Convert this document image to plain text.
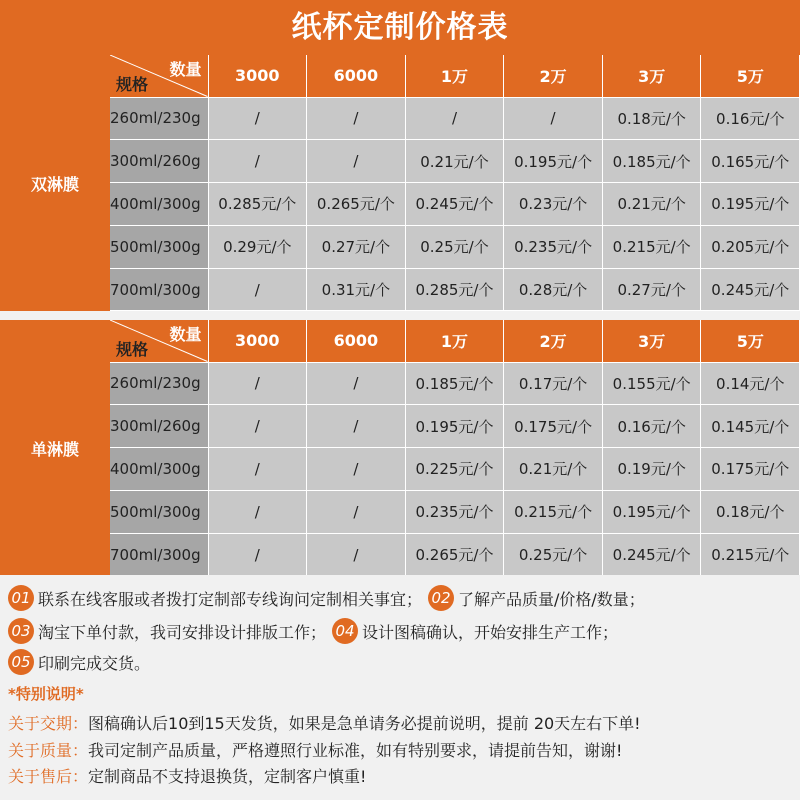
纸杯定制价格表
双淋膜
数量
规格	3000	6000	1万	2万	3万	5万
260ml/230g	/	/	/	/	0.18元/个	0.16元/个
300ml/260g	/	/	0.21元/个	0.195元/个	0.185元/个	0.165元/个
400ml/300g	0.285元/个	0.265元/个	0.245元/个	0.23元/个	0.21元/个	0.195元/个
500ml/300g	0.29元/个	0.27元/个	0.25元/个	0.235元/个	0.215元/个	0.205元/个
700ml/300g	/	0.31元/个	0.285元/个	0.28元/个	0.27元/个	0.245元/个
单淋膜
数量
规格	3000	6000	1万	2万	3万	5万
260ml/230g	/	/	0.185元/个	0.17元/个	0.155元/个	0.14元/个
300ml/260g	/	/	0.195元/个	0.175元/个	0.16元/个	0.145元/个
400ml/300g	/	/	0.225元/个	0.21元/个	0.19元/个	0.175元/个
500ml/300g	/	/	0.235元/个	0.215元/个	0.195元/个	0.18元/个
700ml/300g	/	/	0.265元/个	0.25元/个	0.245元/个	0.215元/个
01 联系在线客服或者拨打定制部专线询问定制相关事宜； 02 了解产品质量/价格/数量；
03 淘宝下单付款，我司安排设计排版工作； 04 设计图稿确认，开始安排生产工作；
05 印刷完成交货。
*特别说明*
关于交期：图稿确认后10到15天发货，如果是急单请务必提前说明，提前 20天左右下单!
关于质量：我司定制产品质量，严格遵照行业标准，如有特别要求，请提前告知，谢谢!
关于售后：定制商品不支持退换货，定制客户慎重!
